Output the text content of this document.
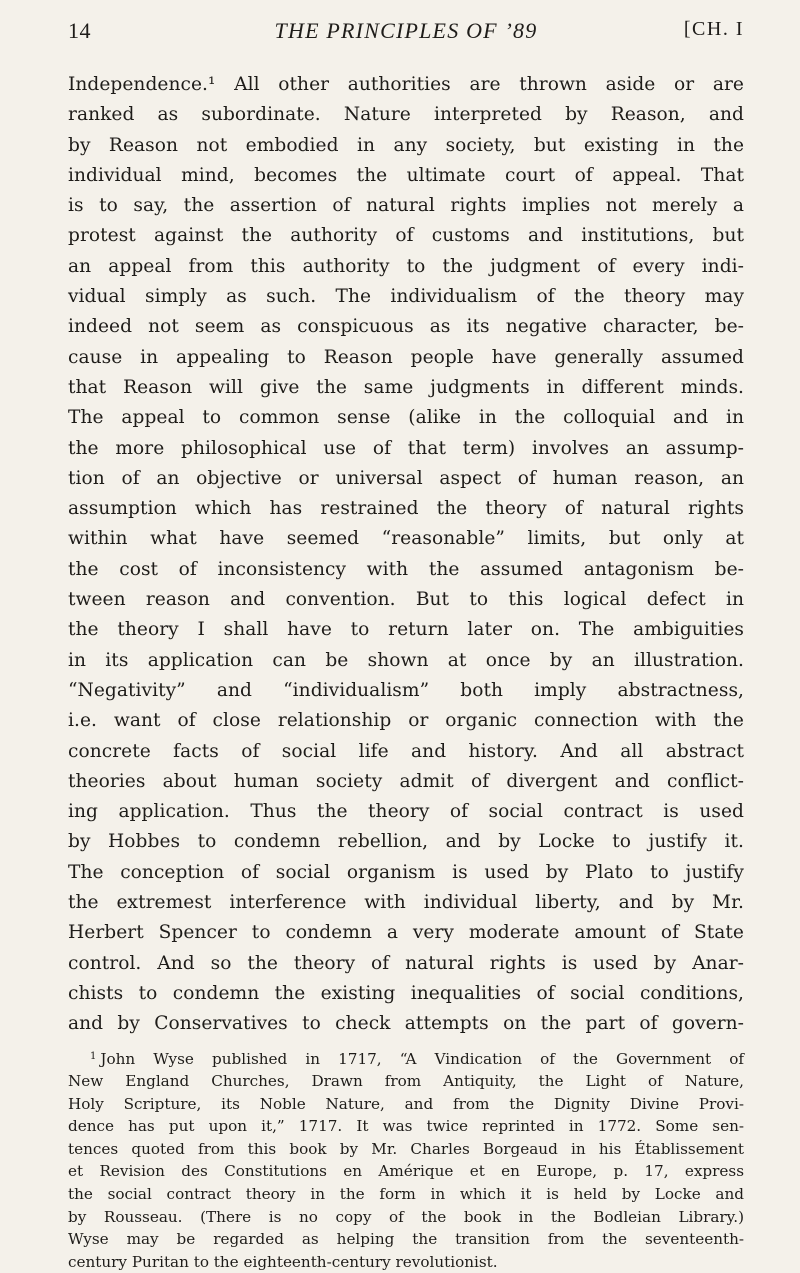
14	THE PRINCIPLES OF ’89	[CH. I
Independence.¹ All other authorities are thrown aside or are
ranked as subordinate. Nature interpreted by Reason, and
by Reason not embodied in any society, but existing in the
individual mind, becomes the ultimate court of appeal. That
is to say, the assertion of natural rights implies not merely a
protest against the authority of customs and institutions, but
an appeal from this authority to the judgment of every indi-
vidual simply as such. The individualism of the theory may
indeed not seem as conspicuous as its negative character, be-
cause in appealing to Reason people have generally assumed
that Reason will give the same judgments in different minds.
The appeal to common sense (alike in the colloquial and in
the more philosophical use of that term) involves an assump-
tion of an objective or universal aspect of human reason, an
assumption which has restrained the theory of natural rights
within what have seemed “reasonable” limits, but only at
the cost of inconsistency with the assumed antagonism be-
tween reason and convention. But to this logical defect in
the theory I shall have to return later on. The ambiguities
in its application can be shown at once by an illustration.
“Negativity” and “individualism” both imply abstractness,
i.e. want of close relationship or organic connection with the
concrete facts of social life and history. And all abstract
theories about human society admit of divergent and conflict-
ing application. Thus the theory of social contract is used
by Hobbes to condemn rebellion, and by Locke to justify it.
The conception of social organism is used by Plato to justify
the extremest interference with individual liberty, and by Mr.
Herbert Spencer to condemn a very moderate amount of State
control. And so the theory of natural rights is used by Anar-
chists to condemn the existing inequalities of social conditions,
and by Conservatives to check attempts on the part of govern-
$^1$ John Wyse published in 1717, “A Vindication of the Government of
New England Churches, Drawn from Antiquity, the Light of Nature,
Holy Scripture, its Noble Nature, and from the Dignity Divine Provi-
dence has put upon it,” 1717. It was twice reprinted in 1772. Some sen-
tences quoted from this book by Mr. Charles Borgeaud in his Établissement
et Revision des Constitutions en Amérique et en Europe, p. 17, express
the social contract theory in the form in which it is held by Locke and
by Rousseau. (There is no copy of the book in the Bodleian Library.)
Wyse may be regarded as helping the transition from the seventeenth-
century Puritan to the eighteenth-century revolutionist.
